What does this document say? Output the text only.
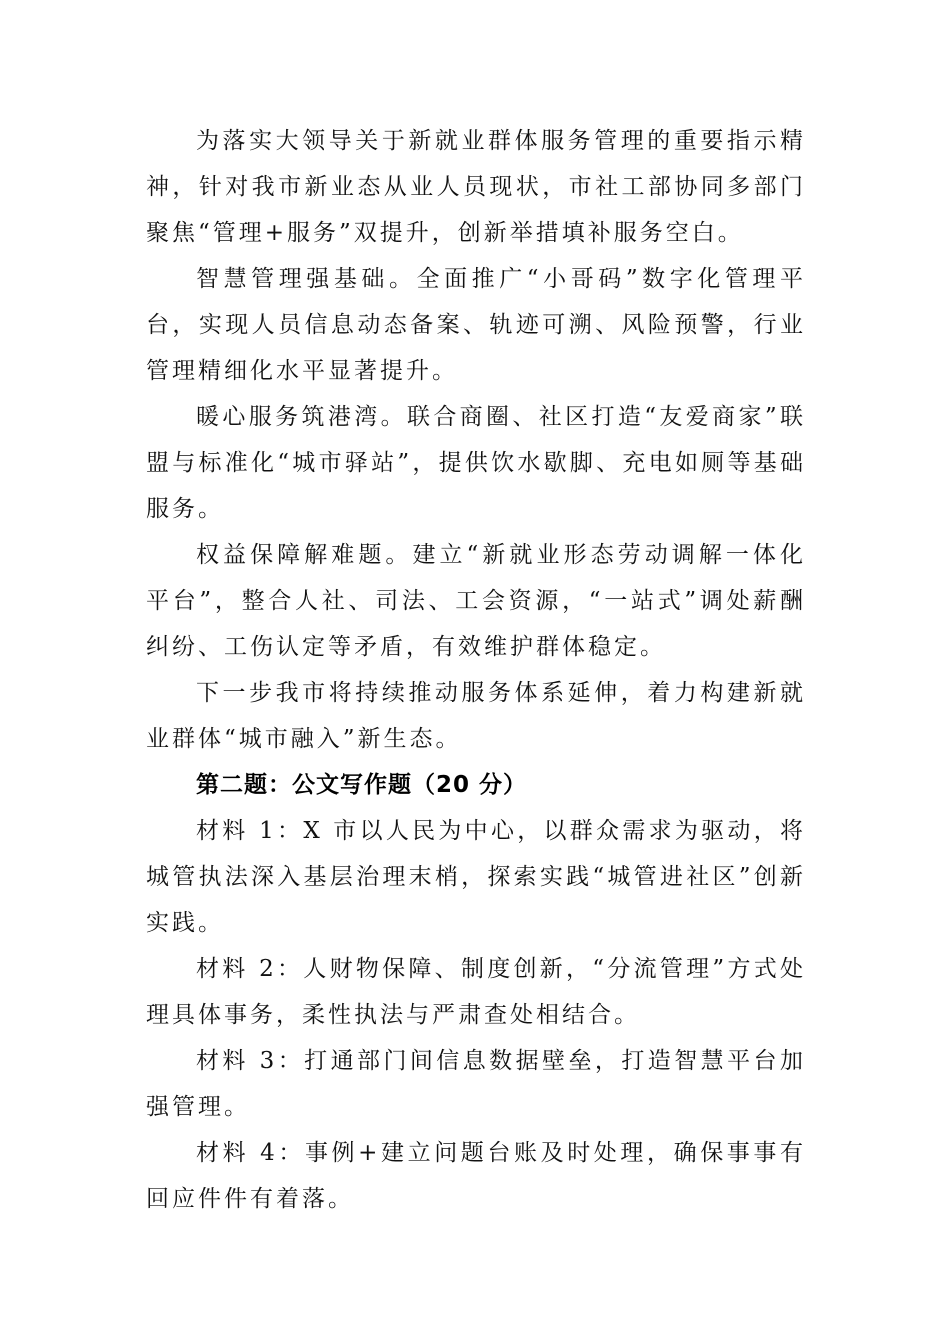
为落实大领导关于新就业群体服务管理的重要指示精神，针对我市新业态从业人员现状，市社工部协同多部门聚焦“管理+服务”双提升，创新举措填补服务空白。

智慧管理强基础。全面推广“小哥码”数字化管理平台，实现人员信息动态备案、轨迹可溯、风险预警，行业管理精细化水平显著提升。

暖心服务筑港湾。联合商圈、社区打造“友爱商家”联盟与标准化“城市驿站”，提供饮水歇脚、充电如厕等基础服务。

权益保障解难题。建立“新就业形态劳动调解一体化平台”，整合人社、司法、工会资源，“一站式”调处薪酬纠纷、工伤认定等矛盾，有效维护群体稳定。

下一步我市将持续推动服务体系延伸，着力构建新就业群体“城市融入”新生态。

第二题：公文写作题（20 分）

材料 1：X 市以人民为中心，以群众需求为驱动，将城管执法深入基层治理末梢，探索实践“城管进社区”创新实践。

材料 2：人财物保障、制度创新，“分流管理”方式处理具体事务，柔性执法与严肃查处相结合。

材料 3：打通部门间信息数据壁垒，打造智慧平台加强管理。

材料 4：事例+建立问题台账及时处理，确保事事有回应件件有着落。
